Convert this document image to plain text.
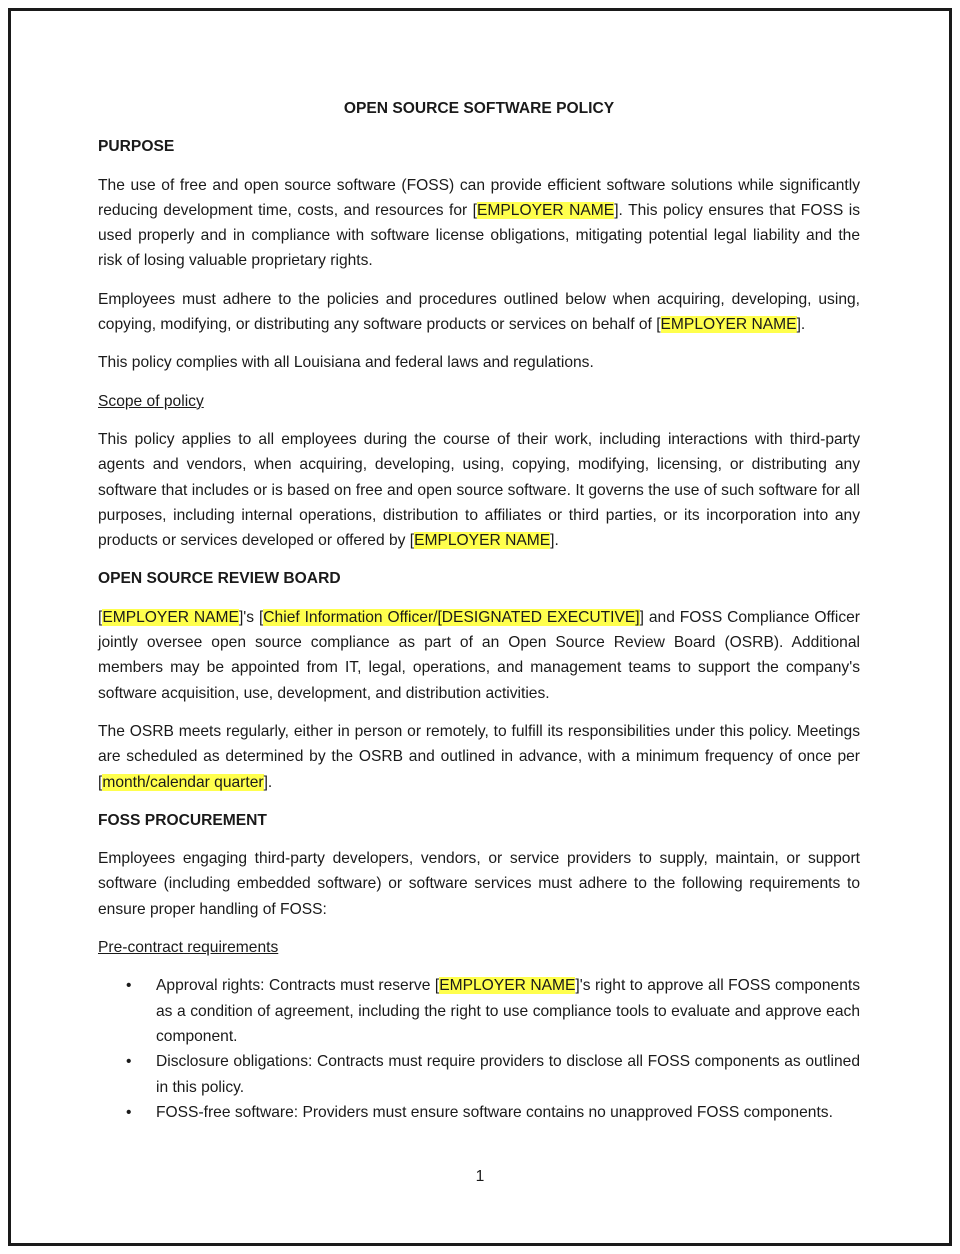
OPEN SOURCE SOFTWARE POLICY
PURPOSE

The use of free and open source software (FOSS) can provide efficient software solutions while significantly reducing development time, costs, and resources for [EMPLOYER NAME]. This policy ensures that FOSS is used properly and in compliance with software license obligations, mitigating potential legal liability and the risk of losing valuable proprietary rights.

Employees must adhere to the policies and procedures outlined below when acquiring, developing, using, copying, modifying, or distributing any software products or services on behalf of [EMPLOYER NAME].

This policy complies with all Louisiana and federal laws and regulations.

Scope of policy

This policy applies to all employees during the course of their work, including interactions with third-party agents and vendors, when acquiring, developing, using, copying, modifying, licensing, or distributing any software that includes or is based on free and open source software. It governs the use of such software for all purposes, including internal operations, distribution to affiliates or third parties, or its incorporation into any products or services developed or offered by [EMPLOYER NAME].

OPEN SOURCE REVIEW BOARD

[EMPLOYER NAME]'s [Chief Information Officer/[DESIGNATED EXECUTIVE]] and FOSS Compliance Officer jointly oversee open source compliance as part of an Open Source Review Board (OSRB). Additional members may be appointed from IT, legal, operations, and management teams to support the company's software acquisition, use, development, and distribution activities.

The OSRB meets regularly, either in person or remotely, to fulfill its responsibilities under this policy. Meetings are scheduled as determined by the OSRB and outlined in advance, with a minimum frequency of once per [month/calendar quarter].

FOSS PROCUREMENT

Employees engaging third-party developers, vendors, or service providers to supply, maintain, or support software (including embedded software) or software services must adhere to the following requirements to ensure proper handling of FOSS:

Pre-contract requirements
• Approval rights: Contracts must reserve [EMPLOYER NAME]'s right to approve all FOSS components as a condition of agreement, including the right to use compliance tools to evaluate and approve each component.
• Disclosure obligations: Contracts must require providers to disclose all FOSS components as outlined in this policy.
• FOSS-free software: Providers must ensure software contains no unapproved FOSS components.
1
